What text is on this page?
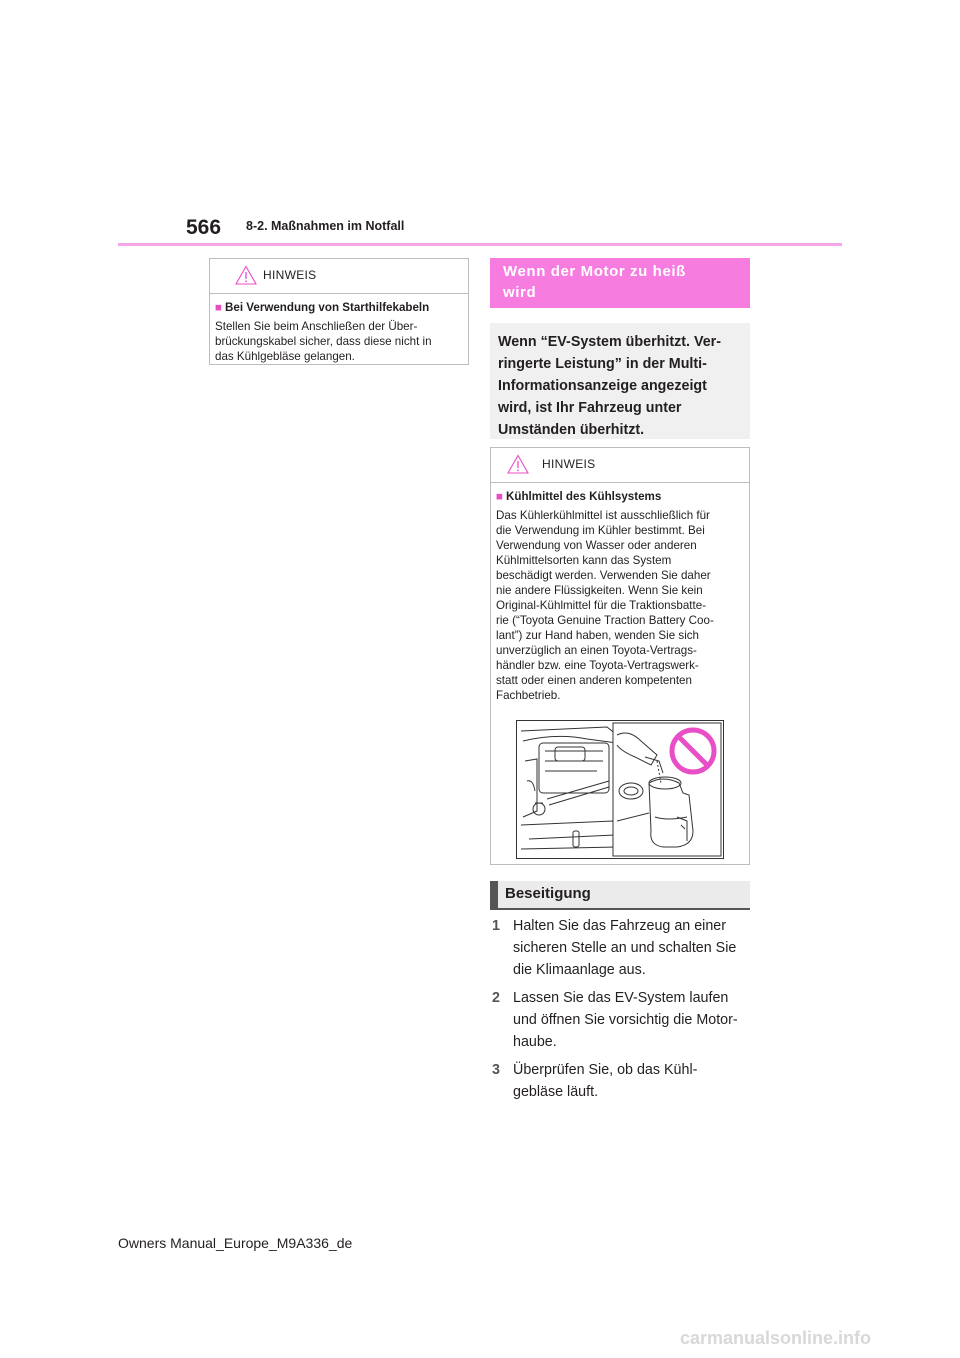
566 8-2. Maßnahmen im Notfall
HINWEIS
■ Bei Verwendung von Starthilfekabeln
Stellen Sie beim Anschließen der Über-
brückungskabel sicher, dass diese nicht in
das Kühlgebläse gelangen.
Wenn der Motor zu heiß
wird
Wenn “EV-System überhitzt. Ver-
ringerte Leistung” in der Multi-
Informationsanzeige angezeigt
wird, ist Ihr Fahrzeug unter
Umständen überhitzt.
HINWEIS
■ Kühlmittel des Kühlsystems
Das Kühlerkühlmittel ist ausschließlich für
die Verwendung im Kühler bestimmt. Bei
Verwendung von Wasser oder anderen
Kühlmittelsorten kann das System
beschädigt werden. Verwenden Sie daher
nie andere Flüssigkeiten. Wenn Sie kein
Original-Kühlmittel für die Traktionsbatte-
rie (“Toyota Genuine Traction Battery Coo-
lant”) zur Hand haben, wenden Sie sich
unverzüglich an einen Toyota-Vertrags-
händler bzw. eine Toyota-Vertragswerk-
statt oder einen anderen kompetenten
Fachbetrieb.
Beseitigung
1 Halten Sie das Fahrzeug an einer
sicheren Stelle an und schalten Sie
die Klimaanlage aus.
2 Lassen Sie das EV-System laufen
und öffnen Sie vorsichtig die Motor-
haube.
3 Überprüfen Sie, ob das Kühl-
gebläse läuft.
Owners Manual_Europe_M9A336_de
carmanualsonline.info
